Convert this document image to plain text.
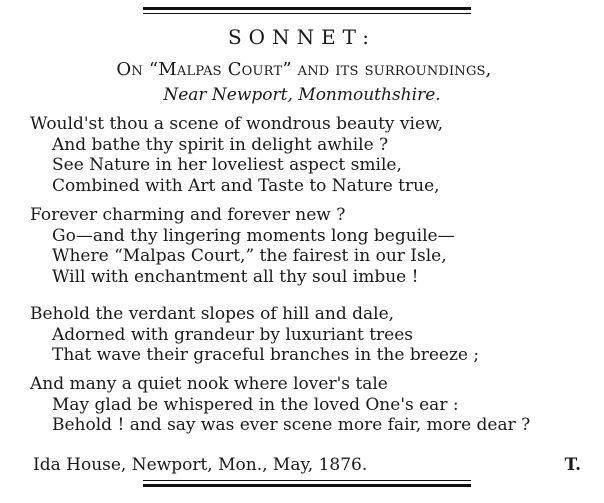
SONNET:
On “Malpas Court” and its surroundings,
Near Newport, Monmouthshire.
Would'st thou a scene of wondrous beauty view,
And bathe thy spirit in delight awhile ?
See Nature in her loveliest aspect smile,
Combined with Art and Taste to Nature true,
Forever charming and forever new ?
Go—and thy lingering moments long beguile—
Where “Malpas Court,” the fairest in our Isle,
Will with enchantment all thy soul imbue !
Behold the verdant slopes of hill and dale,
Adorned with grandeur by luxuriant trees
That wave their graceful branches in the breeze ;
And many a quiet nook where lover's tale
May glad be whispered in the loved One's ear :
Behold ! and say was ever scene more fair, more dear ?
Ida House, Newport, Mon., May, 1876.	T.
